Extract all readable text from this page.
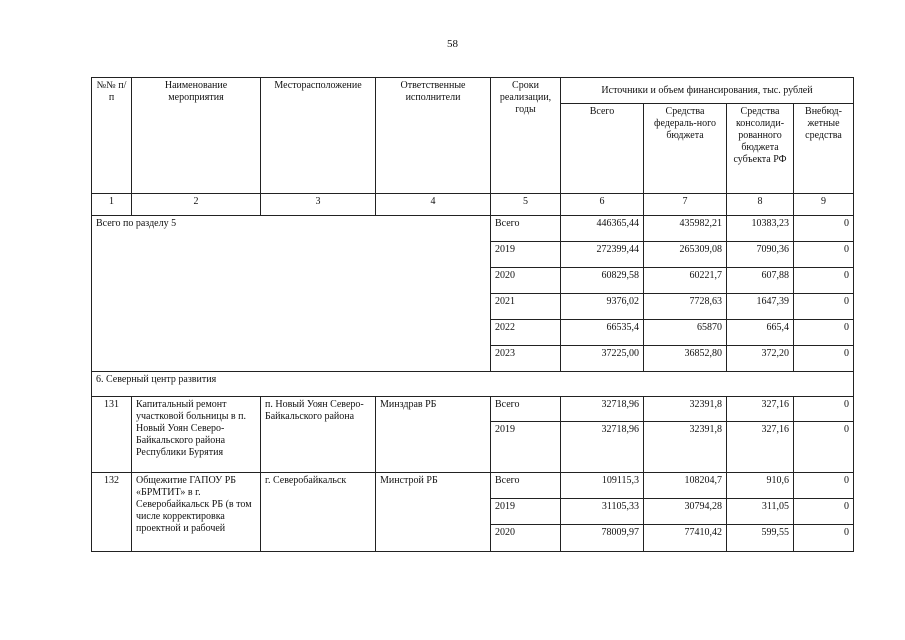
58
№№ п/п	Наименование мероприятия	Месторасположение	Ответственные исполнители	Сроки реализации, годы	Источники и объем финансирования, тыс. рублей			
					Всего	Средства федераль-ного бюджета	Средства консолиди-рованного бюджета субъекта РФ	Внебюд-жетные средства
1	2	3	4	5	6	7	8	9
Всего по разделу 5				Всего	446365,44	435982,21	10383,23	0
				2019	272399,44	265309,08	7090,36	0
				2020	60829,58	60221,7	607,88	0
				2021	9376,02	7728,63	1647,39	0
				2022	66535,4	65870	665,4	0
				2023	37225,00	36852,80	372,20	0
6. Северный центр развития								
131	Капитальный ремонт участковой больницы в п. Новый Уоян Северо-Байкальского района Республики Бурятия	п. Новый Уоян Северо-Байкальского района	Минздрав РБ	Всего	32718,96	32391,8	327,16	0
				2019	32718,96	32391,8	327,16	0
132	Общежитие ГАПОУ РБ «БРМТИТ» в г. Северобайкальск РБ (в том числе корректировка проектной и рабочей	г. Северобайкальск	Минстрой РБ	Всего	109115,3	108204,7	910,6	0
				2019	31105,33	30794,28	311,05	0
				2020	78009,97	77410,42	599,55	0
